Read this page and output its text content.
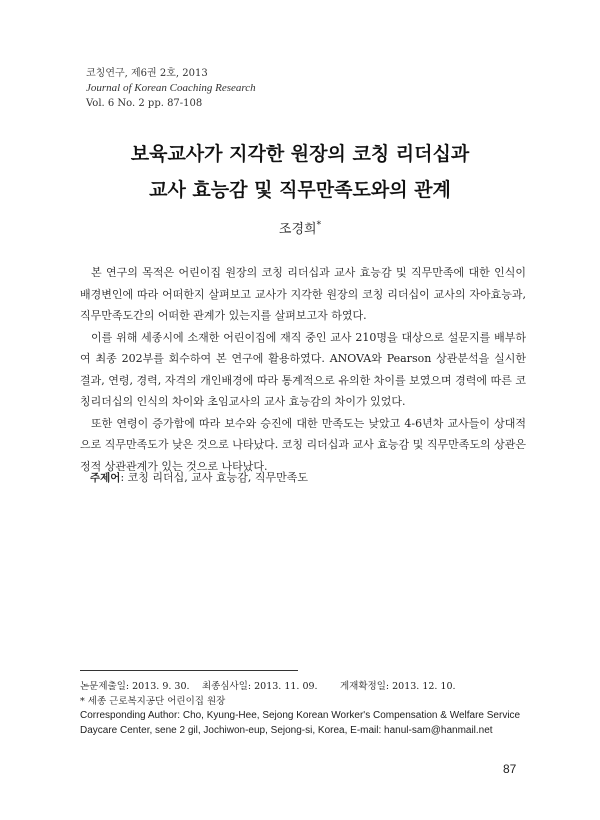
코칭연구, 제6권 2호, 2013
Journal of Korean Coaching Research
Vol. 6 No. 2 pp. 87-108
보육교사가 지각한 원장의 코칭 리더십과
교사 효능감 및 직무만족도와의 관계
조경희*

본 연구의 목적은 어린이집 원장의 코칭 리더십과 교사 효능감 및 직무만족에 대한 인식이 배경변인에 따라 어떠한지 살펴보고 교사가 지각한 원장의 코칭 리더십이 교사의 자아효능과, 직무만족도간의 어떠한 관계가 있는지를 살펴보고자 하였다.

이를 위해 세종시에 소재한 어린이집에 재직 중인 교사 210명을 대상으로 설문지를 배부하여 최종 202부를 회수하여 본 연구에 활용하였다. ANOVA와 Pearson 상관분석을 실시한 결과, 연령, 경력, 자격의 개인배경에 따라 통계적으로 유의한 차이를 보였으며 경력에 따른 코칭리더십의 인식의 차이와 초임교사의 교사 효능감의 차이가 있었다.

또한 연령이 증가함에 따라 보수와 승진에 대한 만족도는 낮았고 4-6년차 교사들이 상대적으로 직무만족도가 낮은 것으로 나타났다. 코칭 리더십과 교사 효능감 및 직무만족도의 상관은 정적 상관관계가 있는 것으로 나타났다.

주제어: 코칭 리더십, 교사 효능감, 직무만족도
논문제출일: 2013. 9. 30. 최종심사일: 2013. 11. 09. 게재확정일: 2013. 12. 10.
* 세종 근로복지공단 어린이집 원장
Corresponding Author: Cho, Kyung-Hee, Sejong Korean Worker's Compensation & Welfare Service
Daycare Center, sene 2 gil, Jochiwon-eup, Sejong-si, Korea, E-mail: hanul-sam@hanmail.net
87
